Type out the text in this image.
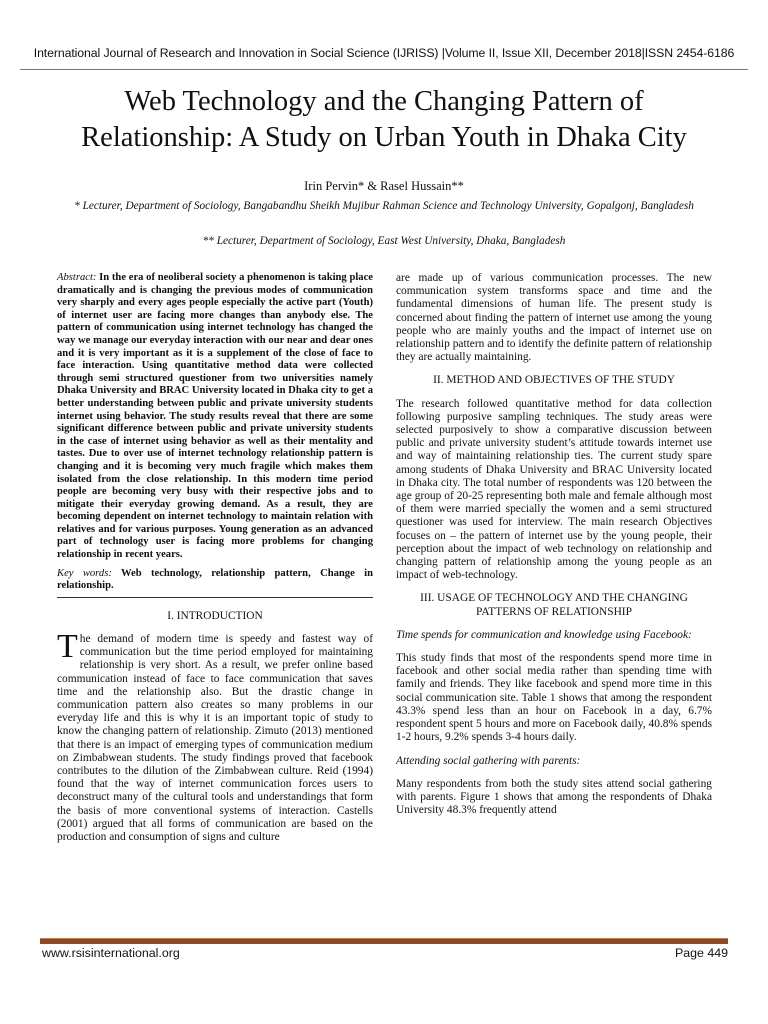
International Journal of Research and Innovation in Social Science (IJRISS) |Volume II, Issue XII, December 2018|ISSN 2454-6186
Web Technology and the Changing Pattern of
Relationship: A Study on Urban Youth in Dhaka City
Irin Pervin* & Rasel Hussain**
* Lecturer, Department of Sociology, Bangabandhu Sheikh Mujibur Rahman Science and Technology University, Gopalgonj, Bangladesh
** Lecturer, Department of Sociology, East West University, Dhaka, Bangladesh
Abstract: In the era of neoliberal society a phenomenon is taking place dramatically and is changing the previous modes of communication very sharply and every ages people especially the active part (Youth) of internet user are facing more changes than anybody else. The pattern of communication using internet technology has changed the way we manage our everyday interaction with our near and dear ones and it is very important as it is a supplement of the close of face to face interaction. Using quantitative method data were collected through semi structured questioner from two universities namely Dhaka University and BRAC University located in Dhaka city to get a better understanding between public and private university students internet using behavior. The study results reveal that there are some significant difference between public and private university students in the case of internet using behavior as well as their mentality and tastes. Due to over use of internet technology relationship pattern is changing and it is becoming very much fragile which makes them isolated from the close relationship. In this modern time period people are becoming very busy with their respective jobs and to mitigate their everyday growing demand. As a result, they are becoming dependent on internet technology to maintain relation with relatives and for various purposes. Young generation as an advanced part of technology user is facing more problems for changing relationship in recent years.
Key words: Web technology, relationship pattern, Change in relationship.
I. INTRODUCTION
The demand of modern time is speedy and fastest way of communication but the time period employed for maintaining relationship is very short. As a result, we prefer online based communication instead of face to face communication that saves time and the relationship also. But the drastic change in communication pattern also creates so many problems in our everyday life and this is why it is an important topic of study to know the changing pattern of relationship. Zimuto (2013) mentioned that there is an impact of emerging types of communication medium on Zimbabwean students. The study findings proved that facebook contributes to the dilution of the Zimbabwean culture. Reid (1994) found that the way of internet communication forces users to deconstruct many of the cultural tools and understandings that form the basis of more conventional systems of interaction. Castells (2001) argued that all forms of communication are based on the production and consumption of signs and culture
are made up of various communication processes. The new communication system transforms space and time and the fundamental dimensions of human life. The present study is concerned about finding the pattern of internet use among the young people who are mainly youths and the impact of internet use on relationship pattern and to identify the definite pattern of relationship they are actually maintaining.
II. METHOD AND OBJECTIVES OF THE STUDY
The research followed quantitative method for data collection following purposive sampling techniques. The study areas were selected purposively to show a comparative discussion between public and private university student’s attitude towards internet use and way of maintaining relationship ties. The current study spare among students of Dhaka University and BRAC University located in Dhaka city. The total number of respondents was 120 between the age group of 20-25 representing both male and female although most of them were married specially the women and a semi structured questioner was used for interview. The main research Objectives focuses on – the pattern of internet use by the young people, their perception about the impact of web technology on relationship and changing pattern of relationship among the young people as an impact of web-technology.
III. USAGE OF TECHNOLOGY AND THE CHANGING
PATTERNS OF RELATIONSHIP
Time spends for communication and knowledge using Facebook:
This study finds that most of the respondents spend more time in facebook and other social media rather than spending time with family and friends. They like facebook and spend more time in this social communication site. Table 1 shows that among the respondent 43.3% spend less than an hour on Facebook in a day, 6.7% respondent spent 5 hours and more on Facebook daily, 40.8% spends 1-2 hours, 9.2% spends 3-4 hours daily.
Attending social gathering with parents:
Many respondents from both the study sites attend social gathering with parents. Figure 1 shows that among the respondents of Dhaka University 48.3% frequently attend
www.rsisinternational.org	Page 449
